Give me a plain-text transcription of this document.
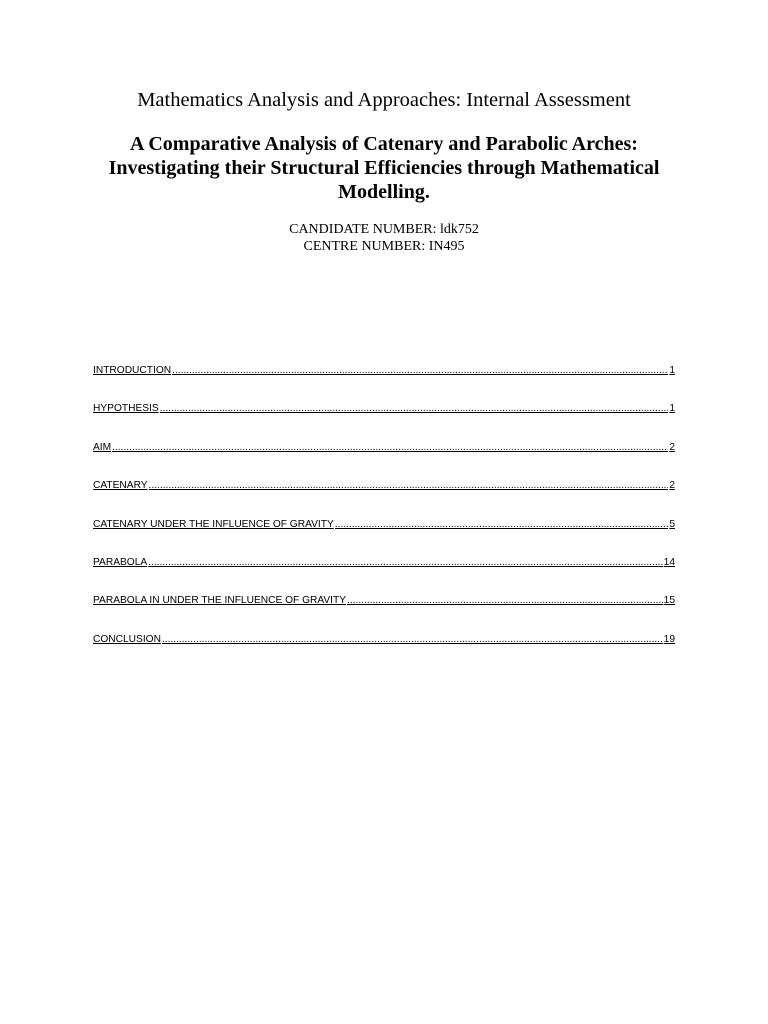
Mathematics Analysis and Approaches: Internal Assessment
A Comparative Analysis of Catenary and Parabolic Arches:
Investigating their Structural Efficiencies through Mathematical
Modelling.
CANDIDATE NUMBER: ldk752
CENTRE NUMBER: IN495
INTRODUCTION .....	1
HYPOTHESIS .....	1
AIM .....	2
CATENARY .....	2
CATENARY UNDER THE INFLUENCE OF GRAVITY .....	5
PARABOLA .....	14
PARABOLA IN UNDER THE INFLUENCE OF GRAVITY .....	15
CONCLUSION .....	19
